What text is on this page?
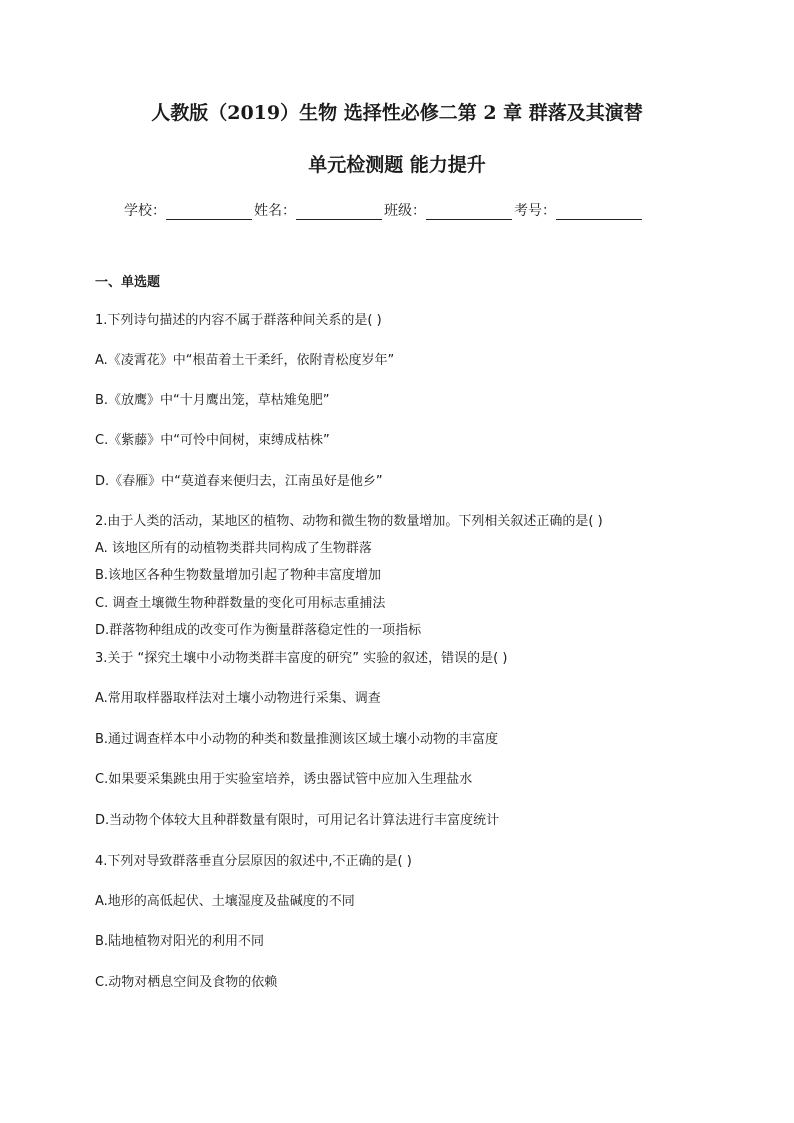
人教版（2019）生物 选择性必修二第 2 章 群落及其演替
单元检测题 能力提升
学校：	姓名：	班级：	考号：
一、单选题
1.下列诗句描述的内容不属于群落种间关系的是( )
A.《凌霄花》中“根苗着土干柔纤，依附青松度岁年”
B.《放鹰》中“十月鹰出笼，草枯雉兔肥”
C.《紫藤》中“可怜中间树，束缚成枯株”
D.《春雁》中“莫道春来便归去，江南虽好是他乡”
2.由于人类的活动，某地区的植物、动物和微生物的数量增加。下列相关叙述正确的是( )
A. 该地区所有的动植物类群共同构成了生物群落
B.该地区各种生物数量增加引起了物种丰富度增加
C. 调查土壤微生物种群数量的变化可用标志重捕法
D.群落物种组成的改变可作为衡量群落稳定性的一项指标
3.关于 “探究土壤中小动物类群丰富度的研究” 实验的叙述，错误的是( )
A.常用取样器取样法对土壤小动物进行采集、调查
B.通过调查样本中小动物的种类和数量推测该区域土壤小动物的丰富度
C.如果要采集跳虫用于实验室培养，诱虫器试管中应加入生理盐水
D.当动物个体较大且种群数量有限时，可用记名计算法进行丰富度统计
4.下列对导致群落垂直分层原因的叙述中,不正确的是( )
A.地形的高低起伏、土壤湿度及盐碱度的不同
B.陆地植物对阳光的利用不同
C.动物对栖息空间及食物的依赖
